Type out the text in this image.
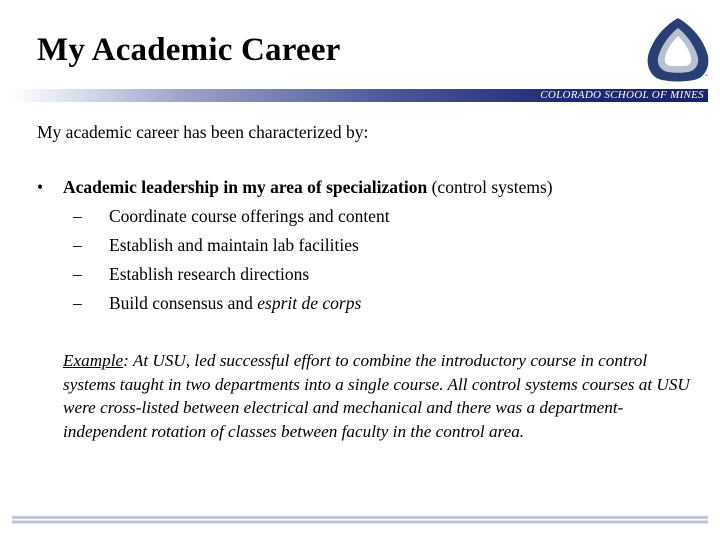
My Academic Career
™
COLORADO SCHOOL OF MINES
My academic career has been characterized by:
• Academic leadership in my area of specialization (control systems)
– Coordinate course offerings and content
– Establish and maintain lab facilities
– Establish research directions
– Build consensus and esprit de corps
Example: At USU, led successful effort to combine the introductory course in control systems taught in two departments into a single course. All control systems courses at USU were cross-listed between electrical and mechanical and there was a department-independent rotation of classes between faculty in the control area.
